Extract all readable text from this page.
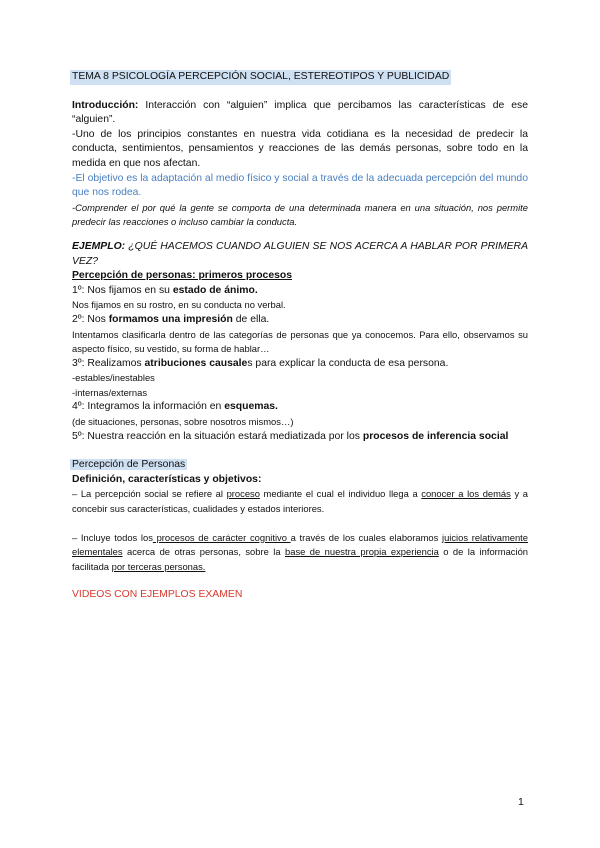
TEMA 8 PSICOLOGÍA PERCEPCIÓN SOCIAL, ESTEREOTIPOS Y PUBLICIDAD

Introducción: Interacción con “alguien” implica que percibamos las características de ese “alguien”.

-Uno de los principios constantes en nuestra vida cotidiana es la necesidad de predecir la conducta, sentimientos, pensamientos y reacciones de las demás personas, sobre todo en la medida en que nos afectan.

-El objetivo es la adaptación al medio físico y social a través de la adecuada percepción del mundo que nos rodea.

-Comprender el por qué la gente se comporta de una determinada manera en una situación, nos permite predecir las reacciones o incluso cambiar la conducta.

EJEMPLO: ¿QUÉ HACEMOS CUANDO ALGUIEN SE NOS ACERCA A HABLAR POR PRIMERA VEZ?

Percepción de personas: primeros procesos

1º: Nos fijamos en su estado de ánimo.

Nos fijamos en su rostro, en su conducta no verbal.

2º: Nos formamos una impresión de ella.

Intentamos clasificarla dentro de las categorías de personas que ya conocemos. Para ello, observamos su aspecto físico, su vestido, su forma de hablar…

3º: Realizamos atribuciones causales para explicar la conducta de esa persona.

-estables/inestables

-internas/externas

4º: Integramos la información en esquemas.

(de situaciones, personas, sobre nosotros mismos…)

5º: Nuestra reacción en la situación estará mediatizada por los procesos de inferencia social

Percepción de Personas

Definición, características y objetivos:

– La percepción social se refiere al proceso mediante el cual el individuo llega a conocer a los demás y a concebir sus características, cualidades y estados interiores.

– Incluye todos los procesos de carácter cognitivo a través de los cuales elaboramos juicios relativamente elementales acerca de otras personas, sobre la base de nuestra propia experiencia o de la información facilitada por terceras personas.

VIDEOS CON EJEMPLOS EXAMEN

1
